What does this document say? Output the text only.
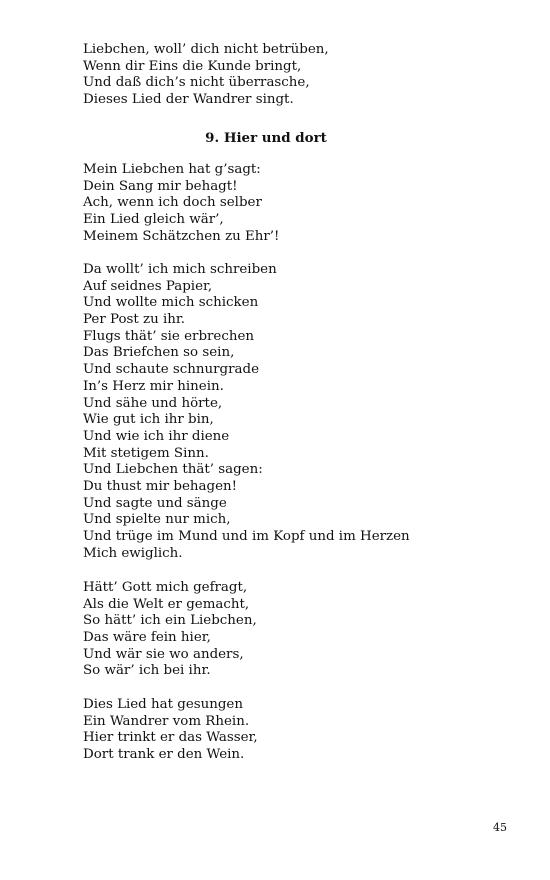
Liebchen, woll’ dich nicht betrüben,
Wenn dir Eins die Kunde bringt,
Und daß dich’s nicht überrasche,
Dieses Lied der Wandrer singt.
9. Hier und dort
Mein Liebchen hat g’sagt:
Dein Sang mir behagt!
Ach, wenn ich doch selber
Ein Lied gleich wär’,
Meinem Schätzchen zu Ehr’!
Da wollt’ ich mich schreiben
Auf seidnes Papier,
Und wollte mich schicken
Per Post zu ihr.
Flugs thät’ sie erbrechen
Das Briefchen so sein,
Und schaute schnurgrade
In’s Herz mir hinein.
Und sähe und hörte,
Wie gut ich ihr bin,
Und wie ich ihr diene
Mit stetigem Sinn.
Und Liebchen thät’ sagen:
Du thust mir behagen!
Und sagte und sänge
Und spielte nur mich,
Und trüge im Mund und im Kopf und im Herzen
Mich ewiglich.
Hätt’ Gott mich gefragt,
Als die Welt er gemacht,
So hätt’ ich ein Liebchen,
Das wäre fein hier,
Und wär sie wo anders,
So wär’ ich bei ihr.
Dies Lied hat gesungen
Ein Wandrer vom Rhein.
Hier trinkt er das Wasser,
Dort trank er den Wein.
45
